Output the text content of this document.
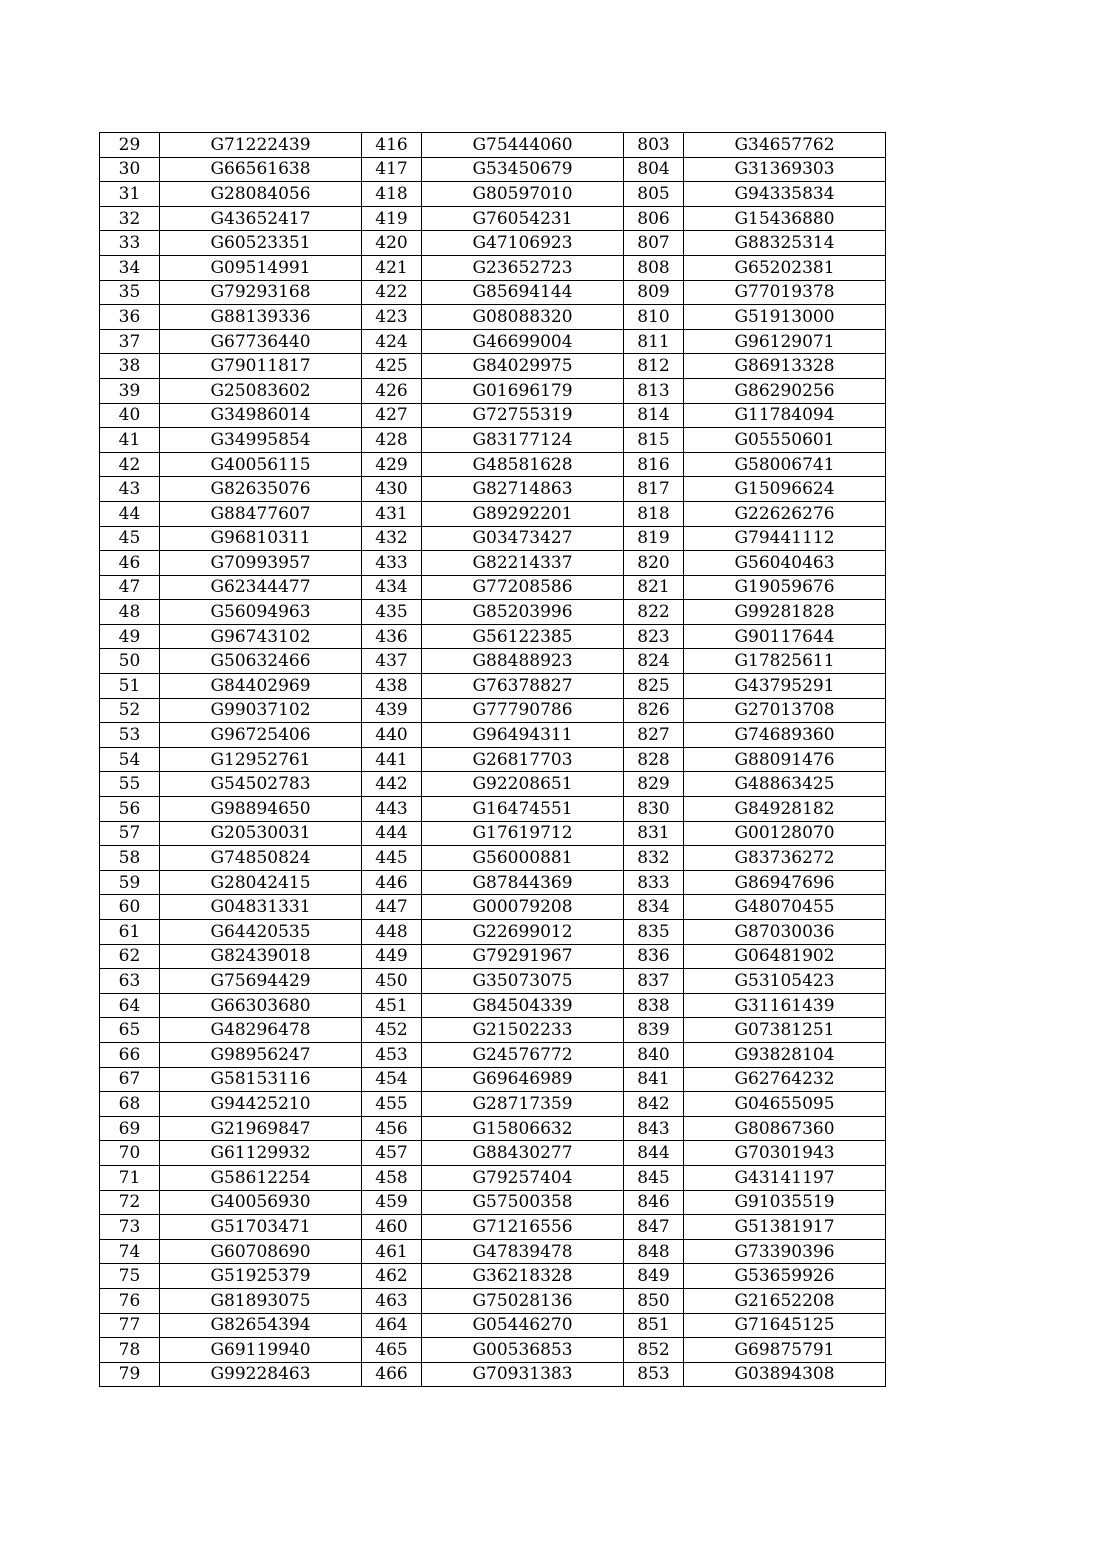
29	G71222439	416	G75444060	803	G34657762
30	G66561638	417	G53450679	804	G31369303
31	G28084056	418	G80597010	805	G94335834
32	G43652417	419	G76054231	806	G15436880
33	G60523351	420	G47106923	807	G88325314
34	G09514991	421	G23652723	808	G65202381
35	G79293168	422	G85694144	809	G77019378
36	G88139336	423	G08088320	810	G51913000
37	G67736440	424	G46699004	811	G96129071
38	G79011817	425	G84029975	812	G86913328
39	G25083602	426	G01696179	813	G86290256
40	G34986014	427	G72755319	814	G11784094
41	G34995854	428	G83177124	815	G05550601
42	G40056115	429	G48581628	816	G58006741
43	G82635076	430	G82714863	817	G15096624
44	G88477607	431	G89292201	818	G22626276
45	G96810311	432	G03473427	819	G79441112
46	G70993957	433	G82214337	820	G56040463
47	G62344477	434	G77208586	821	G19059676
48	G56094963	435	G85203996	822	G99281828
49	G96743102	436	G56122385	823	G90117644
50	G50632466	437	G88488923	824	G17825611
51	G84402969	438	G76378827	825	G43795291
52	G99037102	439	G77790786	826	G27013708
53	G96725406	440	G96494311	827	G74689360
54	G12952761	441	G26817703	828	G88091476
55	G54502783	442	G92208651	829	G48863425
56	G98894650	443	G16474551	830	G84928182
57	G20530031	444	G17619712	831	G00128070
58	G74850824	445	G56000881	832	G83736272
59	G28042415	446	G87844369	833	G86947696
60	G04831331	447	G00079208	834	G48070455
61	G64420535	448	G22699012	835	G87030036
62	G82439018	449	G79291967	836	G06481902
63	G75694429	450	G35073075	837	G53105423
64	G66303680	451	G84504339	838	G31161439
65	G48296478	452	G21502233	839	G07381251
66	G98956247	453	G24576772	840	G93828104
67	G58153116	454	G69646989	841	G62764232
68	G94425210	455	G28717359	842	G04655095
69	G21969847	456	G15806632	843	G80867360
70	G61129932	457	G88430277	844	G70301943
71	G58612254	458	G79257404	845	G43141197
72	G40056930	459	G57500358	846	G91035519
73	G51703471	460	G71216556	847	G51381917
74	G60708690	461	G47839478	848	G73390396
75	G51925379	462	G36218328	849	G53659926
76	G81893075	463	G75028136	850	G21652208
77	G82654394	464	G05446270	851	G71645125
78	G69119940	465	G00536853	852	G69875791
79	G99228463	466	G70931383	853	G03894308
